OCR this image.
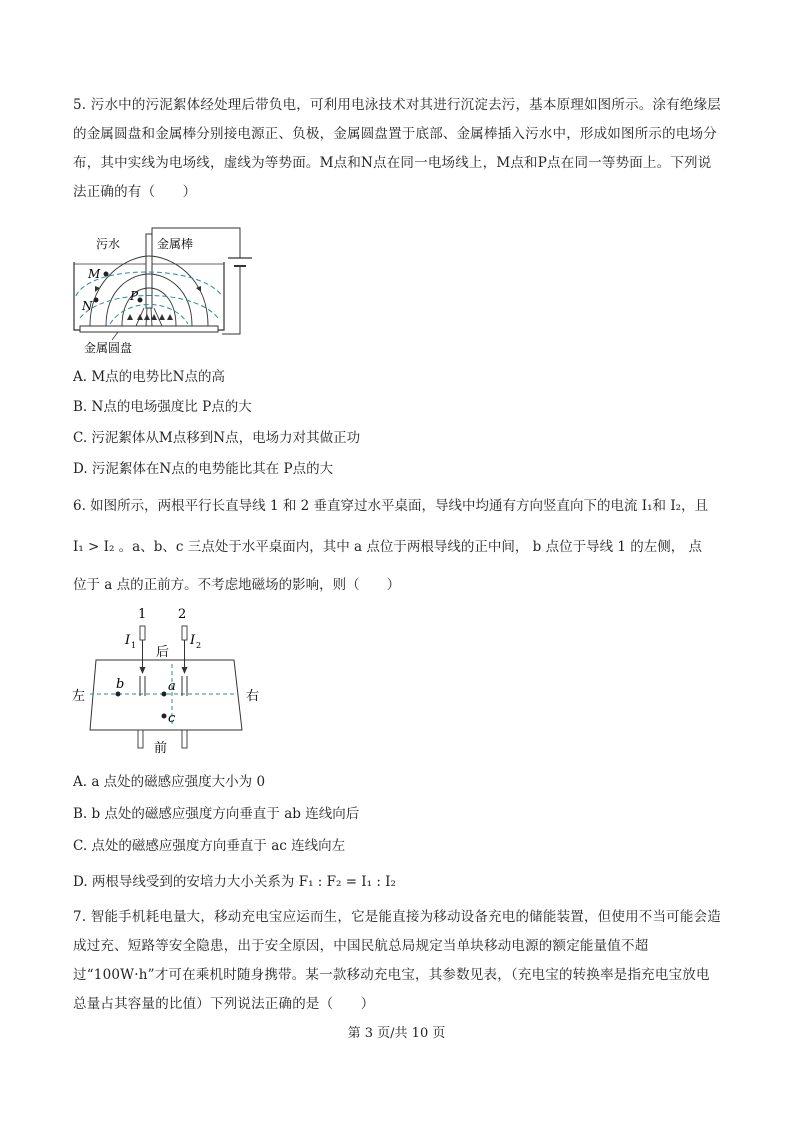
5. 污水中的污泥絮体经处理后带负电，可利用电泳技术对其进行沉淀去污，基本原理如图所示。涂有绝缘层的金属圆盘和金属棒分别接电源正、负极，金属圆盘置于底部、金属棒插入污水中，形成如图所示的电场分布，其中实线为电场线，虚线为等势面。M点和N点在同一电场线上，M点和P点在同一等势面上。下列说法正确的有（　　）
M
N
P
污水	金属棒
金属圆盘
A. M点的电势比N点的高
B. N点的电场强度比 P点的大
C. 污泥絮体从M点移到N点，电场力对其做正功
D. 污泥絮体在N点的电势能比其在 P点的大
6. 如图所示，两根平行长直导线 1 和 2 垂直穿过水平桌面，导线中均通有方向竖直向下的电流 I₁和 I₂，且
I₁ > I₂ 。a、b、c 三点处于水平桌面内，其中 a 点位于两根导线的正中间， b 点位于导线 1 的左侧， 点
位于 a 点的正前方。不考虑地磁场的影响，则（　　）
1 2
I 1	I 2
后
前
左	右
a
b
c
A. a 点处的磁感应强度大小为 0
B. b 点处的磁感应强度方向垂直于 ab 连线向后
C. 点处的磁感应强度方向垂直于 ac 连线向左
D. 两根导线受到的安培力大小关系为 F₁ : F₂ = I₁ : I₂
7. 智能手机耗电量大，移动充电宝应运而生，它是能直接为移动设备充电的储能装置，但使用不当可能会造成过充、短路等安全隐患，出于安全原因，中国民航总局规定当单块移动电源的额定能量值不超过“100W·h”才可在乘机时随身携带。某一款移动充电宝，其参数见表，（充电宝的转换率是指充电宝放电总量占其容量的比值）下列说法正确的是（　　）
第 3 页/共 10 页
